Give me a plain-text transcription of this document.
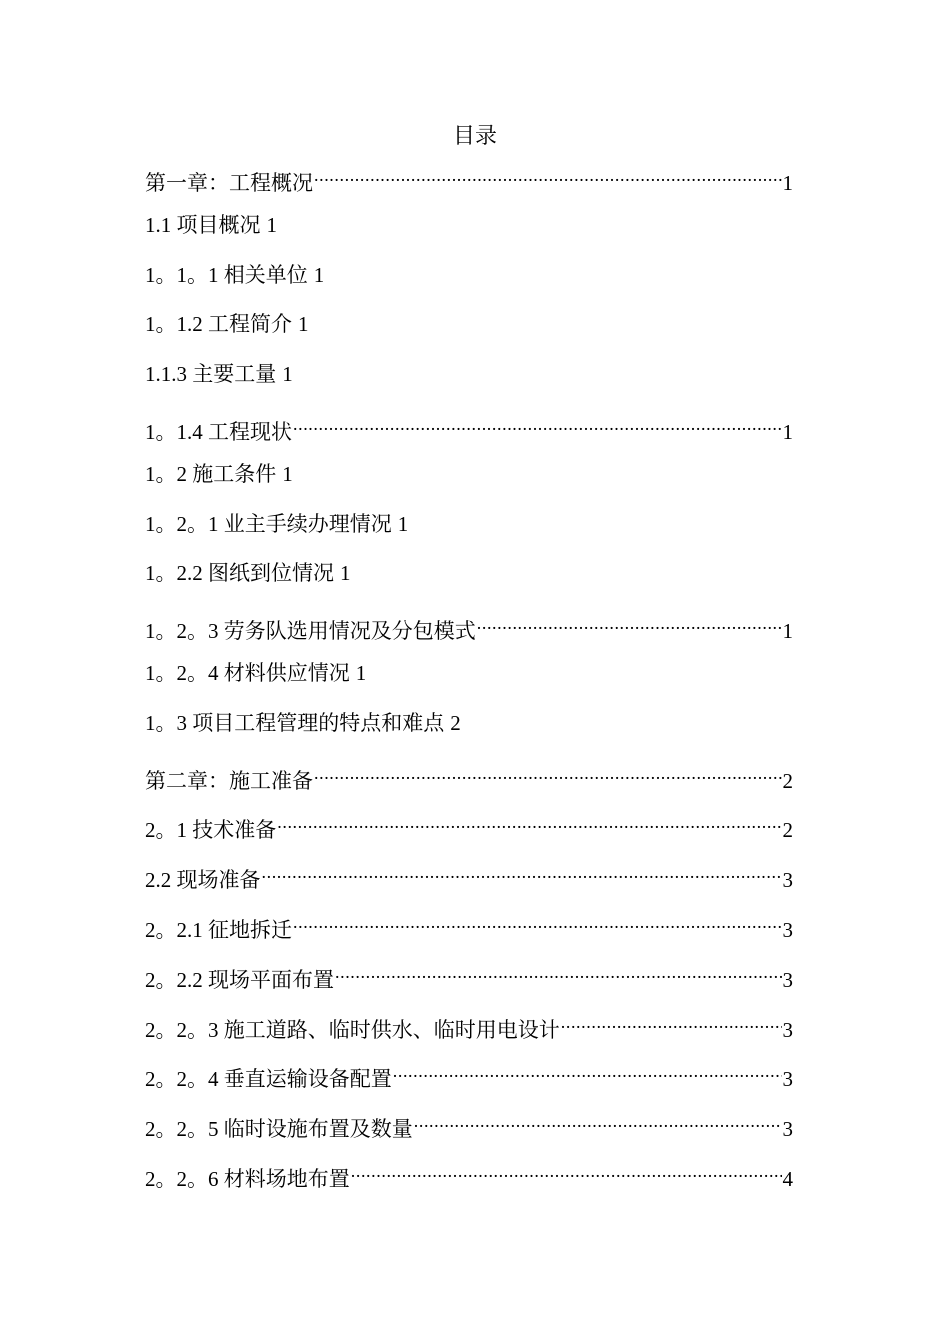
目录
第一章：工程概况 .....	1
1.1 项目概况 1
1。1。1 相关单位 1
1。1.2 工程简介 1
1.1.3 主要工量 1
1。1.4 工程现状 .....	1
1。2 施工条件 1
1。2。1 业主手续办理情况 1
1。2.2 图纸到位情况 1
1。2。3 劳务队选用情况及分包模式 .....	1
1。2。4 材料供应情况 1
1。3 项目工程管理的特点和难点 2
第二章：施工准备 .....	2
2。1 技术准备 .....	2
2.2 现场准备 .....	3
2。2.1 征地拆迁 .....	3
2。2.2 现场平面布置 .....	3
2。2。3 施工道路、临时供水、临时用电设计 .....	3
2。2。4 垂直运输设备配置 .....	3
2。2。5 临时设施布置及数量 .....	3
2。2。6 材料场地布置 .....	4
